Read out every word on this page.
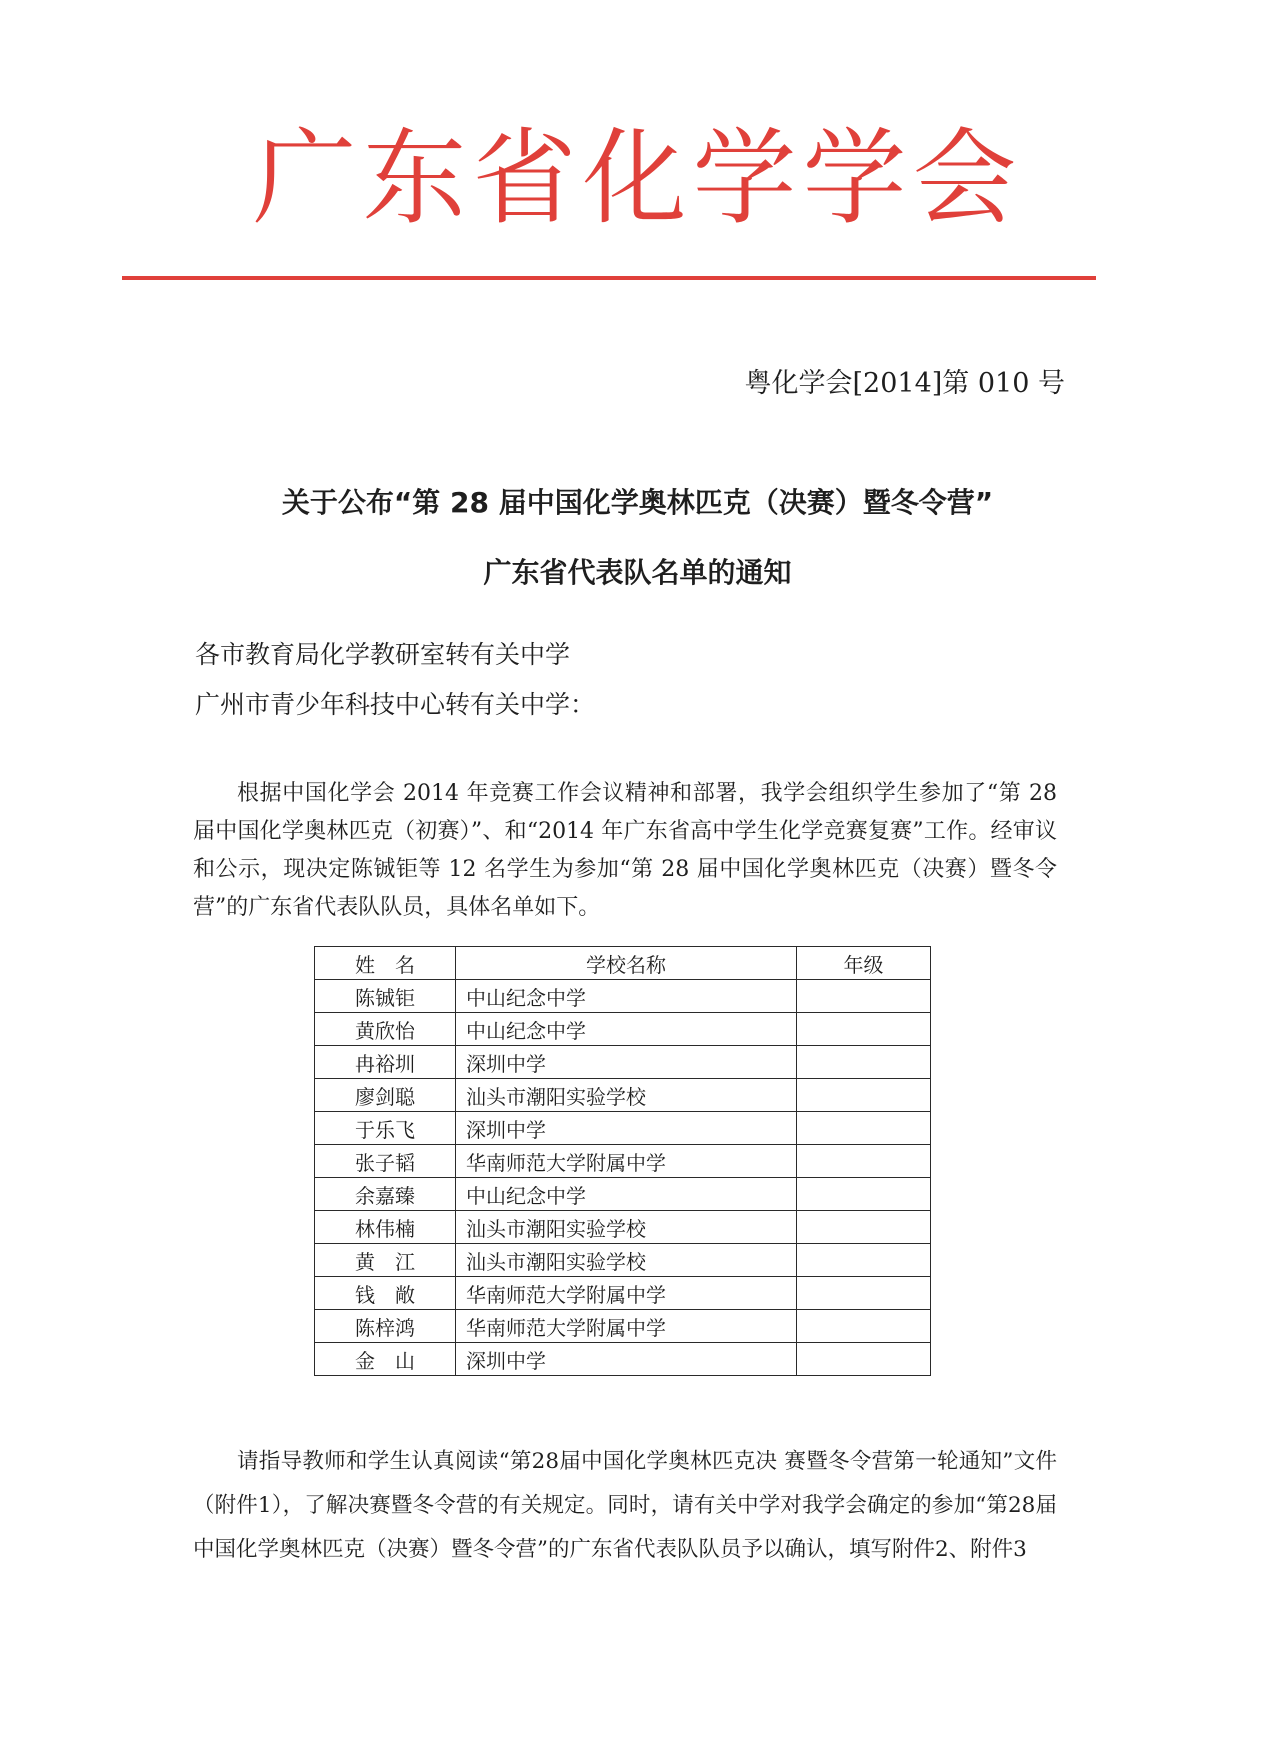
广东省化学学会
粤化学会[2014]第 010 号
关于公布“第 28 届中国化学奥林匹克（决赛）暨冬令营”
广东省代表队名单的通知
各市教育局化学教研室转有关中学
广州市青少年科技中心转有关中学：
根据中国化学会 2014 年竞赛工作会议精神和部署，我学会组织学生参加了“第 28 届中国化学奥林匹克（初赛）”、和“2014 年广东省高中学生化学竞赛复赛”工作。经审议和公示，现决定陈铖钜等 12 名学生为参加“第 28 届中国化学奥林匹克（决赛）暨冬令营”的广东省代表队队员，具体名单如下。
姓　名	学校名称	年级
陈铖钜	中山纪念中学	
黄欣怡	中山纪念中学	
冉裕圳	深圳中学	
廖剑聪	汕头市潮阳实验学校	
于乐飞	深圳中学	
张子韬	华南师范大学附属中学	
余嘉臻	中山纪念中学	
林伟楠	汕头市潮阳实验学校	
黄　江	汕头市潮阳实验学校	
钱　敞	华南师范大学附属中学	
陈梓鸿	华南师范大学附属中学	
金　山	深圳中学	
请指导教师和学生认真阅读“第28届中国化学奥林匹克决 赛暨冬令营第一轮通知”文件（附件1），了解决赛暨冬令营的有关规定。同时，请有关中学对我学会确定的参加“第28届中国化学奥林匹克（决赛）暨冬令营”的广东省代表队队员予以确认，填写附件2、附件3
